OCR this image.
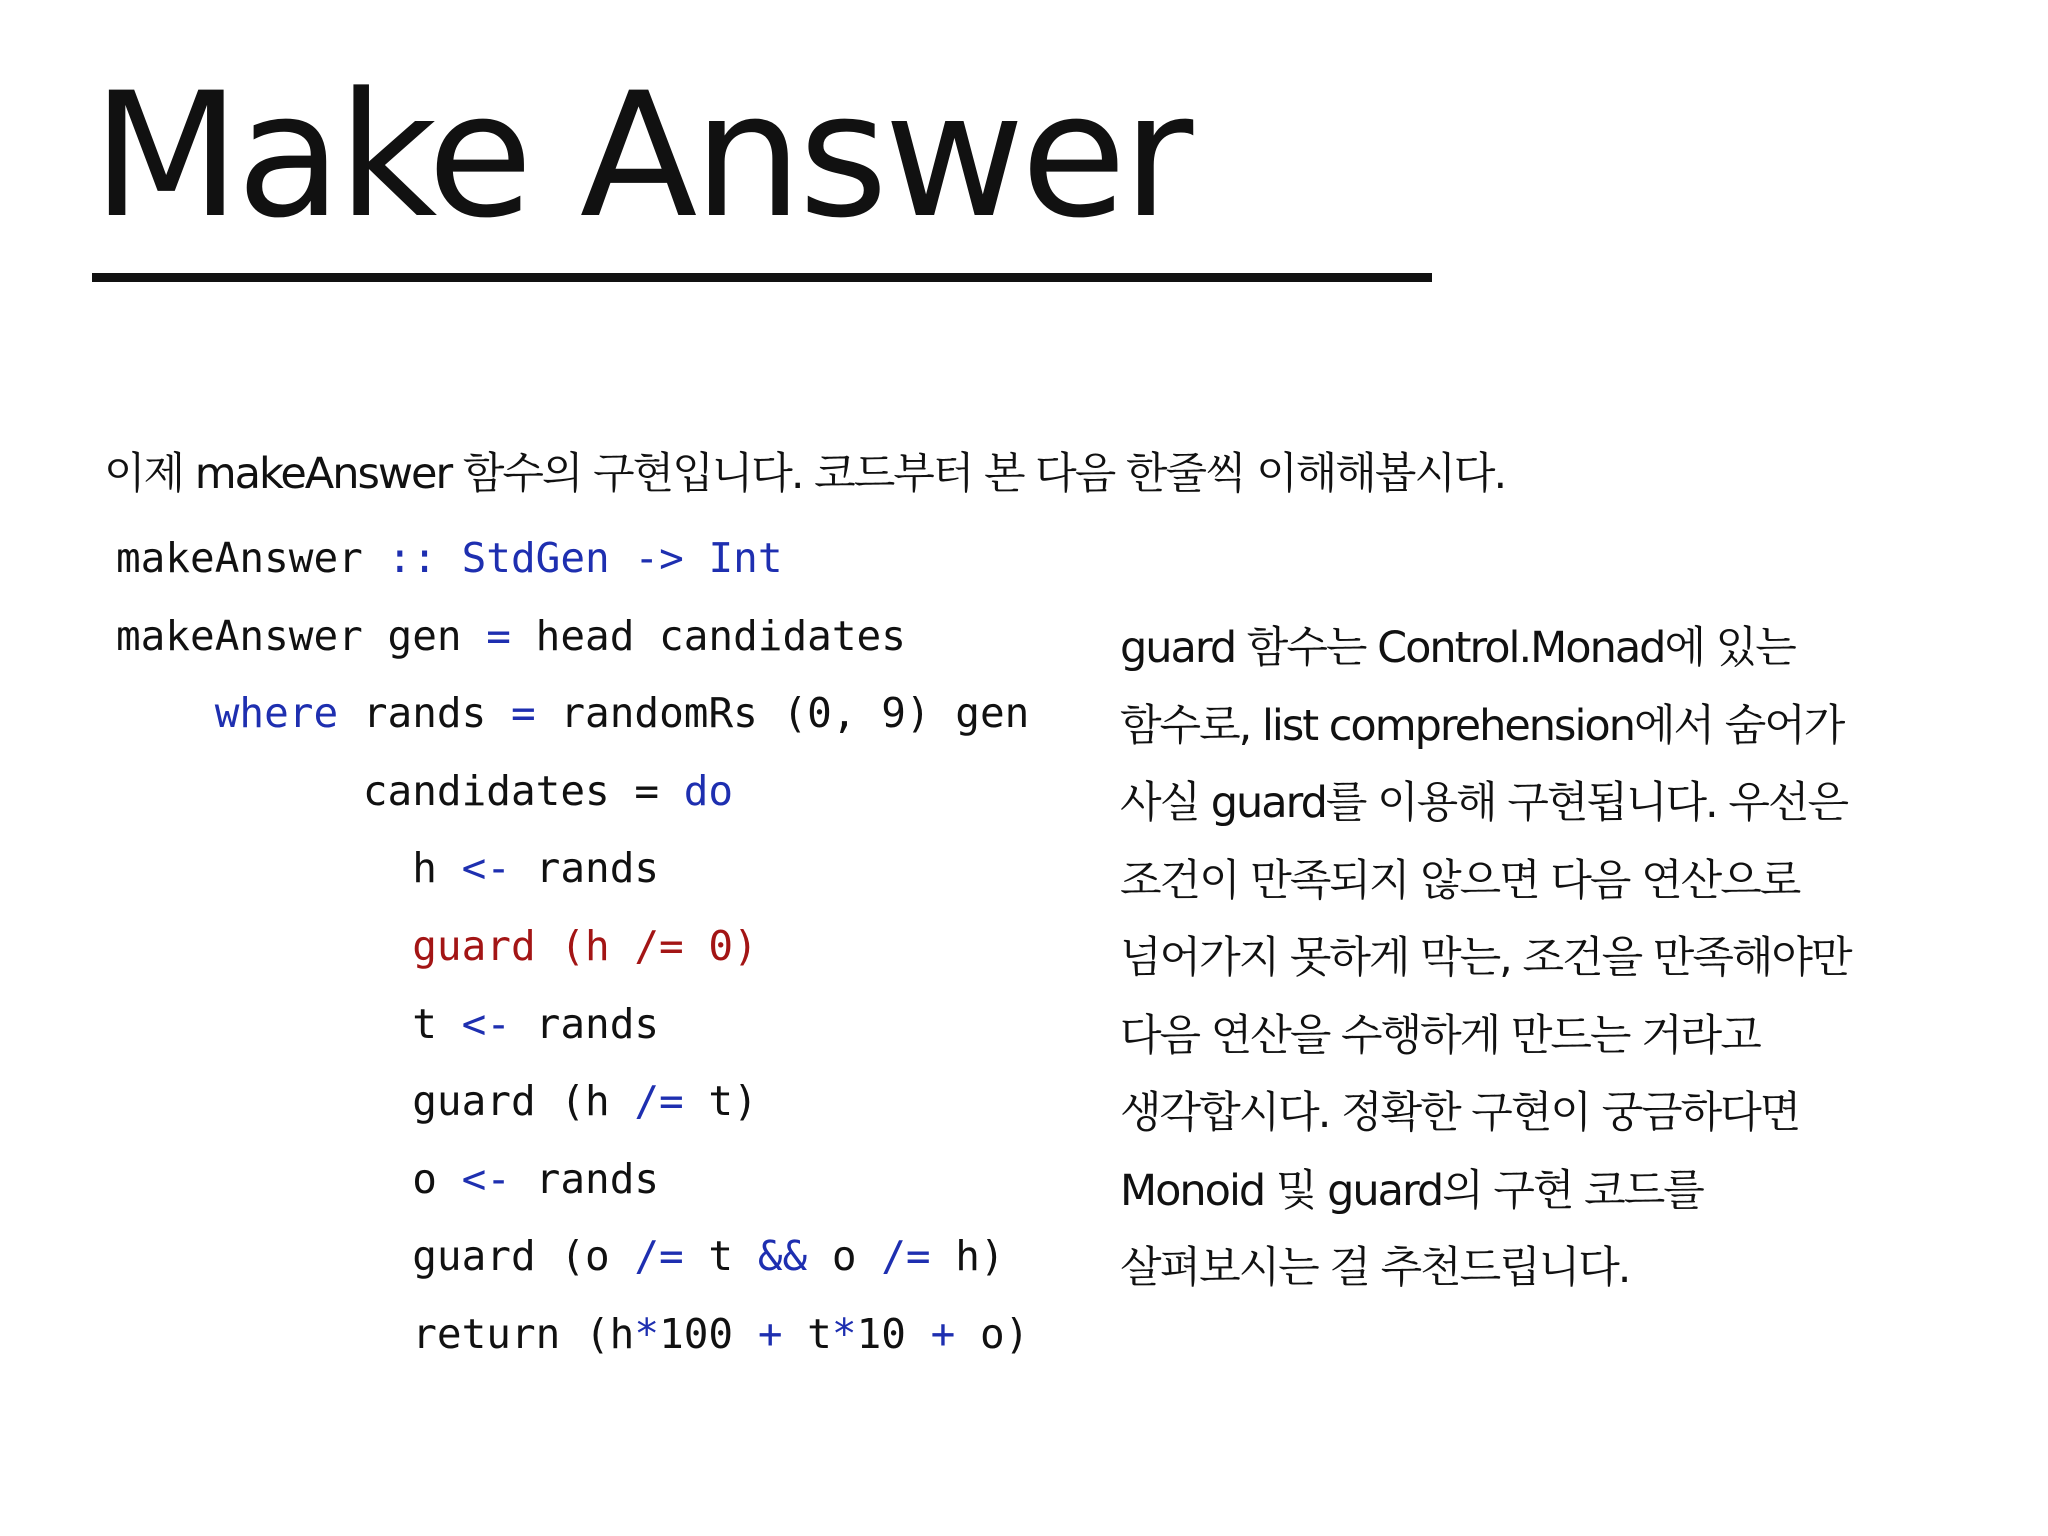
Make Answer
이제 makeAnswer 함수의 구현입니다. 코드부터 본 다음 한줄씩 이해해봅시다.
makeAnswer :: StdGen -> Int
makeAnswer gen = head candidates
where rands = randomRs (0, 9) gen
candidates = do
h <- rands
guard (h /= 0)
t <- rands
guard (h /= t)
o <- rands
guard (o /= t && o /= h)
return (h*100 + t*10 + o)
guard 함수는 Control.Monad에 있는
함수로, list comprehension에서 숨어가
사실 guard를 이용해 구현됩니다. 우선은
조건이 만족되지 않으면 다음 연산으로
넘어가지 못하게 막는, 조건을 만족해야만
다음 연산을 수행하게 만드는 거라고
생각합시다. 정확한 구현이 궁금하다면
Monoid 및 guard의 구현 코드를
살펴보시는 걸 추천드립니다.
